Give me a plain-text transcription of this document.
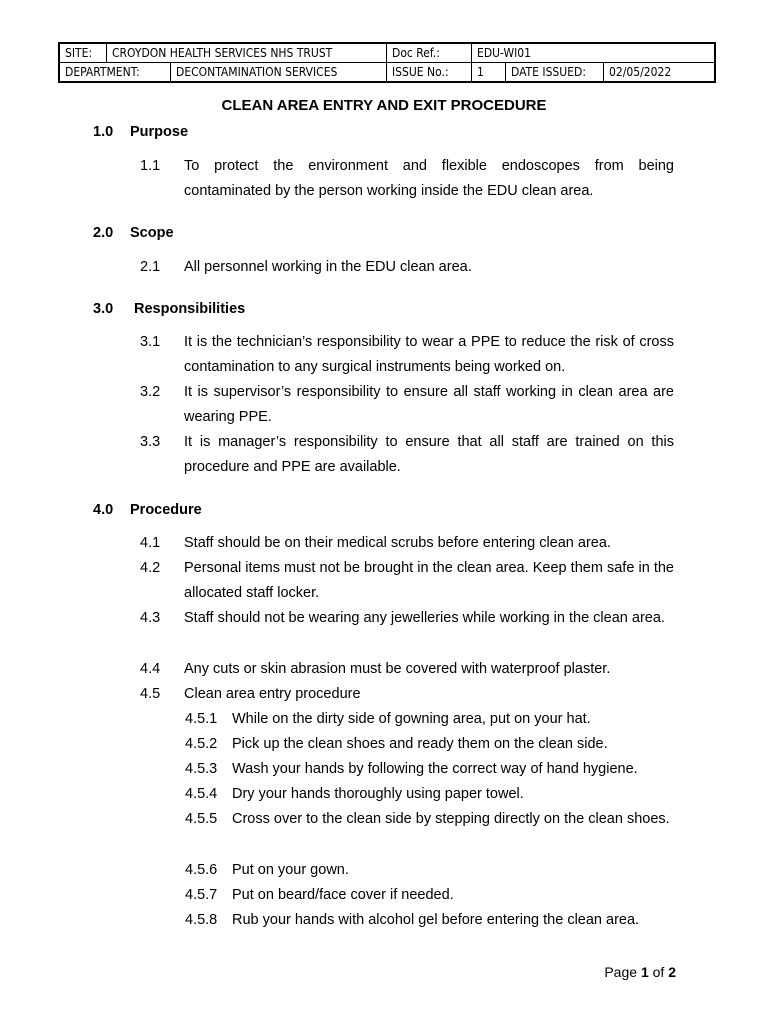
SITE:	CROYDON HEALTH SERVICES NHS TRUST	Doc Ref.:	EDU-WI01
DEPARTMENT:	DECONTAMINATION SERVICES	ISSUE No.:	1	DATE ISSUED:	02/05/2022
CLEAN AREA ENTRY AND EXIT PROCEDURE
1.0 Purpose
1.1 To protect the environment and flexible endoscopes from being contaminated by the person working inside the EDU clean area.
2.0 Scope
2.1 All personnel working in the EDU clean area.
3.0 Responsibilities
3.1 It is the technician’s responsibility to wear a PPE to reduce the risk of cross contamination to any surgical instruments being worked on.
3.2 It is supervisor’s responsibility to ensure all staff working in clean area are wearing PPE.
3.3 It is manager’s responsibility to ensure that all staff are trained on this procedure and PPE are available.
4.0 Procedure
4.1 Staff should be on their medical scrubs before entering clean area.
4.2 Personal items must not be brought in the clean area. Keep them safe in the allocated staff locker.
4.3 Staff should not be wearing any jewelleries while working in the clean area.
4.4 Any cuts or skin abrasion must be covered with waterproof plaster.
4.5 Clean area entry procedure
4.5.1 While on the dirty side of gowning area, put on your hat.
4.5.2 Pick up the clean shoes and ready them on the clean side.
4.5.3 Wash your hands by following the correct way of hand hygiene.
4.5.4 Dry your hands thoroughly using paper towel.
4.5.5 Cross over to the clean side by stepping directly on the clean shoes.
4.5.6 Put on your gown.
4.5.7 Put on beard/face cover if needed.
4.5.8 Rub your hands with alcohol gel before entering the clean area.
Page 1 of 2
